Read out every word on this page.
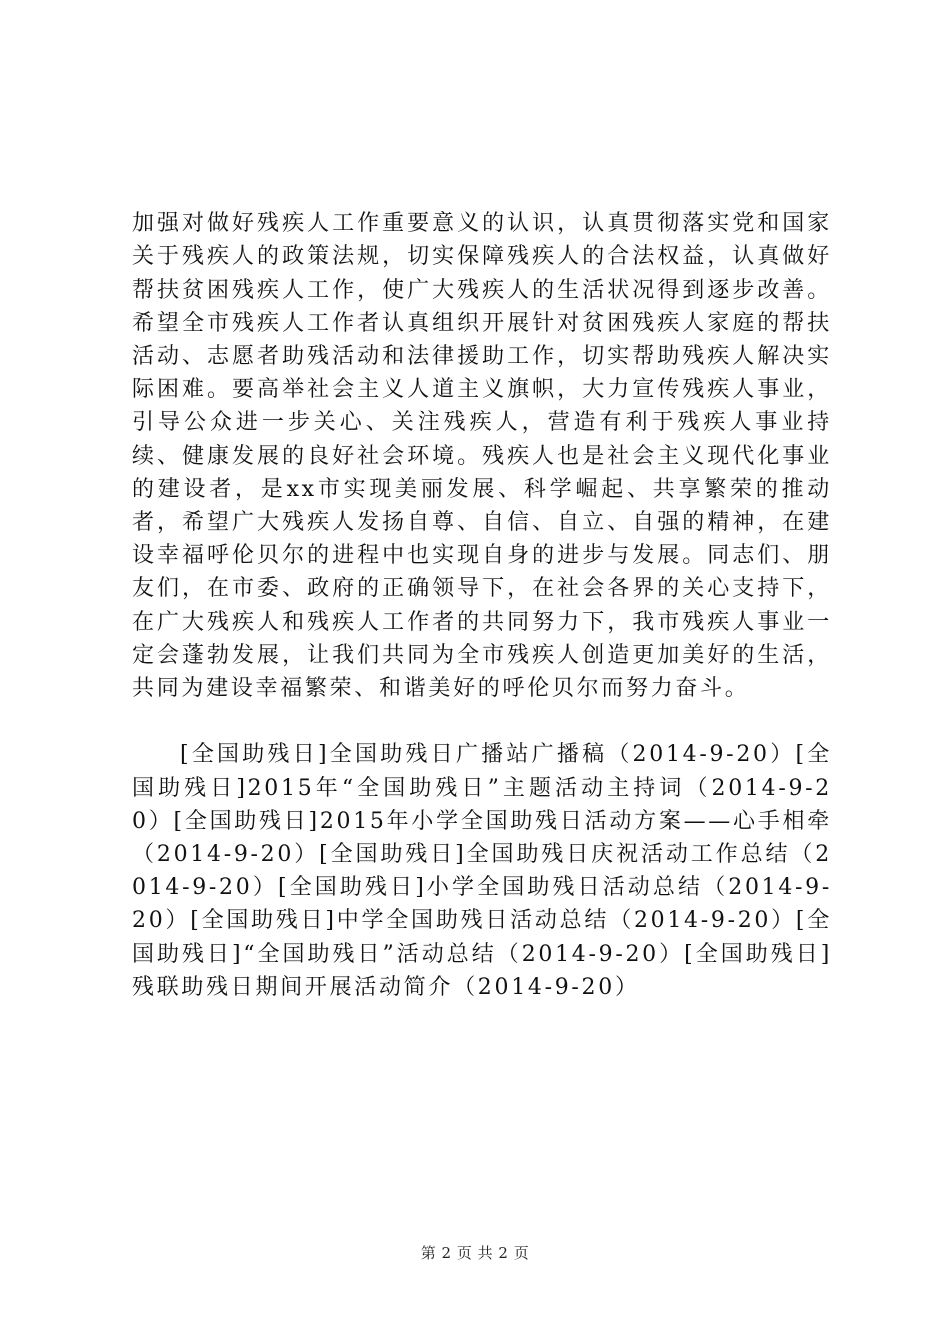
加强对做好残疾人工作重要意义的认识，认真贯彻落实党和国家关于残疾人的政策法规，切实保障残疾人的合法权益，认真做好帮扶贫困残疾人工作，使广大残疾人的生活状况得到逐步改善。希望全市残疾人工作者认真组织开展针对贫困残疾人家庭的帮扶活动、志愿者助残活动和法律援助工作，切实帮助残疾人解决实际困难。要高举社会主义人道主义旗帜，大力宣传残疾人事业，引导公众进一步关心、关注残疾人，营造有利于残疾人事业持续、健康发展的良好社会环境。残疾人也是社会主义现代化事业的建设者，是xx市实现美丽发展、科学崛起、共享繁荣的推动者，希望广大残疾人发扬自尊、自信、自立、自强的精神，在建设幸福呼伦贝尔的进程中也实现自身的进步与发展。同志们、朋友们，在市委、政府的正确领导下，在社会各界的关心支持下，在广大残疾人和残疾人工作者的共同努力下，我市残疾人事业一定会蓬勃发展，让我们共同为全市残疾人创造更加美好的生活，共同为建设幸福繁荣、和谐美好的呼伦贝尔而努力奋斗。

[全国助残日]全国助残日广播站广播稿（2014-9-20）[全国助残日]2015年“全国助残日”主题活动主持词（2014-9-20）[全国助残日]2015年小学全国助残日活动方案——心手相牵（2014-9-20）[全国助残日]全国助残日庆祝活动工作总结（2014-9-20）[全国助残日]小学全国助残日活动总结（2014-9-20）[全国助残日]中学全国助残日活动总结（2014-9-20）[全国助残日]“全国助残日”活动总结（2014-9-20）[全国助残日]残联助残日期间开展活动简介（2014-9-20）

第 2 页 共 2 页
